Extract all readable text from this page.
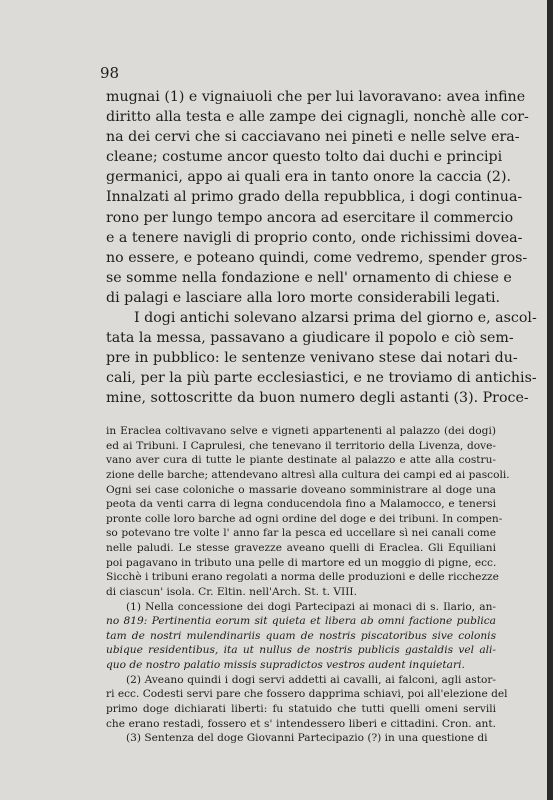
98
mugnai (1) e vignaiuoli che per lui lavoravano: avea infine
diritto alla testa e alle zampe dei cignagli, nonchè alle cor-
na dei cervi che si cacciavano nei pineti e nelle selve era-
cleane; costume ancor questo tolto dai duchi e principi
germanici, appo ai quali era in tanto onore la caccia (2).
Innalzati al primo grado della repubblica, i dogi continua-
rono per lungo tempo ancora ad esercitare il commercio
e a tenere navigli di proprio conto, onde richissimi dovea-
no essere, e poteano quindi, come vedremo, spender gros-
se somme nella fondazione e nell' ornamento di chiese e
di palagi e lasciare alla loro morte considerabili legati.
I dogi antichi solevano alzarsi prima del giorno e, ascol-
tata la messa, passavano a giudicare il popolo e ciò sem-
pre in pubblico: le sentenze venivano stese dai notari du-
cali, per la più parte ecclesiastici, e ne troviamo di antichis-
mine, sottoscritte da buon numero degli astanti (3). Proce-
in Eraclea coltivavano selve e vigneti appartenenti al palazzo (dei dogi)
ed ai Tribuni. I Caprulesi, che tenevano il territorio della Livenza, dove-
vano aver cura di tutte le piante destinate al palazzo e atte alla costru-
zione delle barche; attendevano altresì alla cultura dei campi ed ai pascoli.
Ogni sei case coloniche o massarie doveano somministrare al doge una
peota da venti carra di legna conducendola fino a Malamocco, e tenersi
pronte colle loro barche ad ogni ordine del doge e dei tribuni. In compen-
so potevano tre volte l' anno far la pesca ed uccellare sì nei canali come
nelle paludi. Le stesse gravezze aveano quelli di Eraclea. Gli Equiliani
poi pagavano in tributo una pelle di martore ed un moggio di pigne, ecc.
Sicchè i tribuni erano regolati a norma delle produzioni e delle ricchezze
di ciascun' isola. Cr. Eltin. nell'Arch. St. t. VIII.
(1) Nella concessione dei dogi Partecipazi ai monaci di s. Ilario, an-
no 819: Pertinentia eorum sit quieta et libera ab omni factione publica
tam de nostri mulendinariis quam de nostris piscatoribus sive colonis
ubique residentibus, ita ut nullus de nostris publicis gastaldis vel ali-
quo de nostro palatio missis supradictos vestros audent inquietari.
(2) Aveano quindi i dogi servi addetti ai cavalli, ai falconi, agli astor-
ri ecc. Codesti servi pare che fossero dapprima schiavi, poi all'elezione del
primo doge dichiarati liberti: fu statuido che tutti quelli omeni servili
che erano restadi, fossero et s' intendessero liberi e cittadini. Cron. ant.
(3) Sentenza del doge Giovanni Partecipazio (?) in una questione di
